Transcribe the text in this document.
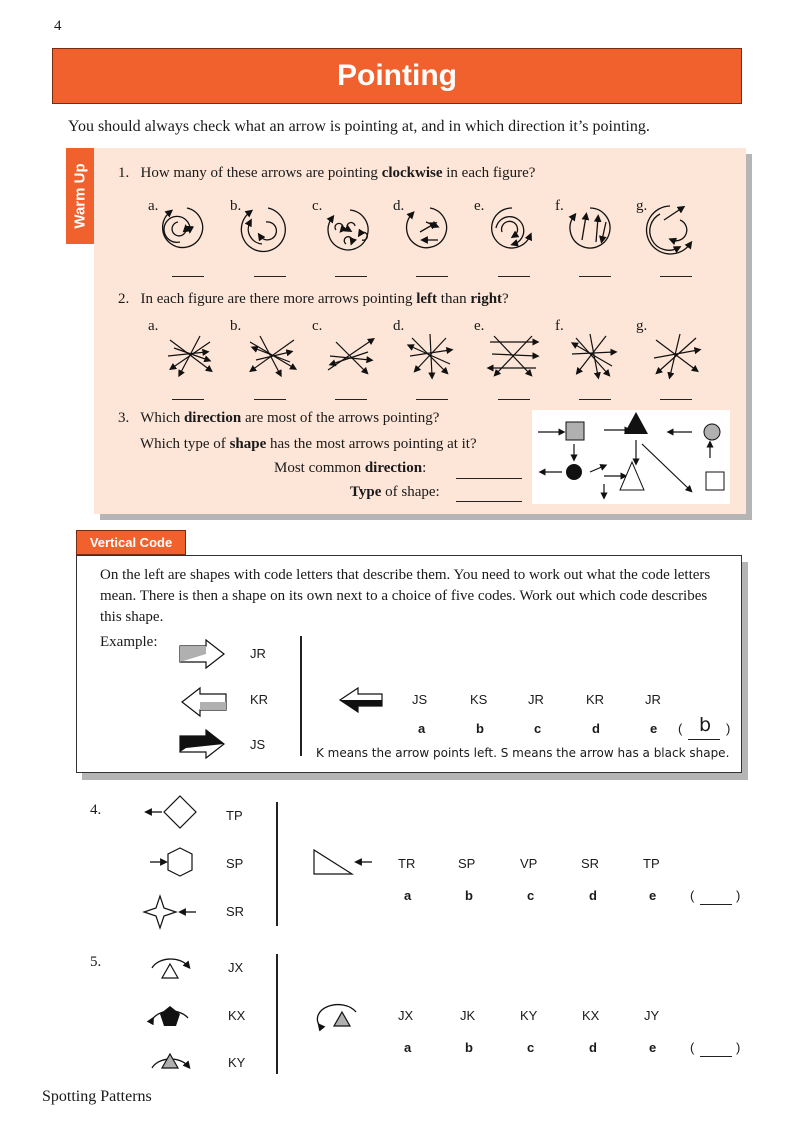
4
Pointing
You should always check what an arrow is pointing at, and in which direction it’s pointing.
Warm Up 1. How many of these arrows are pointing clockwise in each figure?
a.	b.	c.	d.	e.	f.	g.
2. In each figure are there more arrows pointing left than right?
a.	b.	c.	d.	e.	f.	g.
3. Which direction are most of the arrows pointing?
Which type of shape has the most arrows pointing at it?
Most common direction:
Type of shape:
Vertical Code
On the left are shapes with code letters that describe them. You need to work out what the code letters mean. There is then a shape on its own next to a choice of five codes. Work out which code describes this shape.
Example:
JR
KR
JS
JS	KS	JR	KR	JR
a	b	c	d	e ( b )
K means the arrow points left. S means the arrow has a black shape.
4.	TP
SP
SR
TR	SP	VP	SR	TP
a	b	c	d	e	(	)
5.	JX
KX
KY
JX	JK	KY	KX	JY
a	b	c	d	e	(	)
Spotting Patterns
